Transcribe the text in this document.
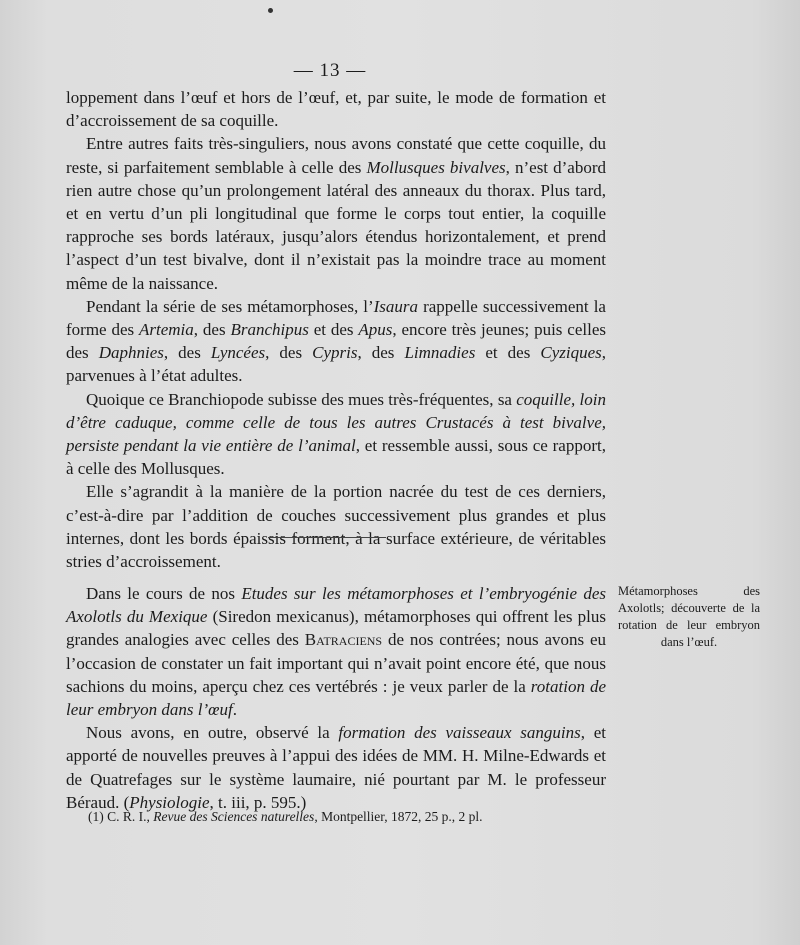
— 13 —

loppement dans l’œuf et hors de l’œuf, et, par suite, le mode de formation et d’accroissement de sa coquille.

Entre autres faits très-singuliers, nous avons constaté que cette coquille, du reste, si parfaitement semblable à celle des Mollusques bivalves, n’est d’abord rien autre chose qu’un prolongement latéral des anneaux du thorax. Plus tard, et en vertu d’un pli longitudinal que forme le corps tout entier, la coquille rapproche ses bords latéraux, jusqu’alors étendus horizontalement, et prend l’aspect d’un test bivalve, dont il n’existait pas la moindre trace au moment même de la naissance.

Pendant la série de ses métamorphoses, l’Isaura rappelle successivement la forme des Artemia, des Branchipus et des Apus, encore très jeunes; puis celles des Daphnies, des Lyncées, des Cypris, des Limnadies et des Cyziques, parvenues à l’état adultes.

Quoique ce Branchiopode subisse des mues très-fréquentes, sa coquille, loin d’être caduque, comme celle de tous les autres Crustacés à test bivalve, persiste pendant la vie entière de l’animal, et ressemble aussi, sous ce rapport, à celle des Mollusques.

Elle s’agrandit à la manière de la portion nacrée du test de ces derniers, c’est-à-dire par l’addition de couches successivement plus grandes et plus internes, dont les bords épaissis forment, à la surface extérieure, de véritables stries d’accroissement.

Dans le cours de nos Etudes sur les métamorphoses et l’embryogénie des Axolotls du Mexique (Siredon mexicanus), métamorphoses qui offrent les plus grandes analogies avec celles des Batraciens de nos contrées; nous avons eu l’occasion de constater un fait important qui n’avait point encore été, que nous sachions du moins, aperçu chez ces vertébrés : je veux parler de la rotation de leur embryon dans l’œuf.

Nous avons, en outre, observé la formation des vaisseaux sanguins, et apporté de nouvelles preuves à l’appui des idées de MM. H. Milne-Edwards et de Quatrefages sur le système laumaire, nié pourtant par M. le professeur Béraud. (Physiologie, t. iii, p. 595.)

Métamorphoses des Axolotls; découverte de la rotation de leur embryon dans l’œuf.
(1) C. R. I., Revue des Sciences naturelles, Montpellier, 1872, 25 p., 2 pl.
